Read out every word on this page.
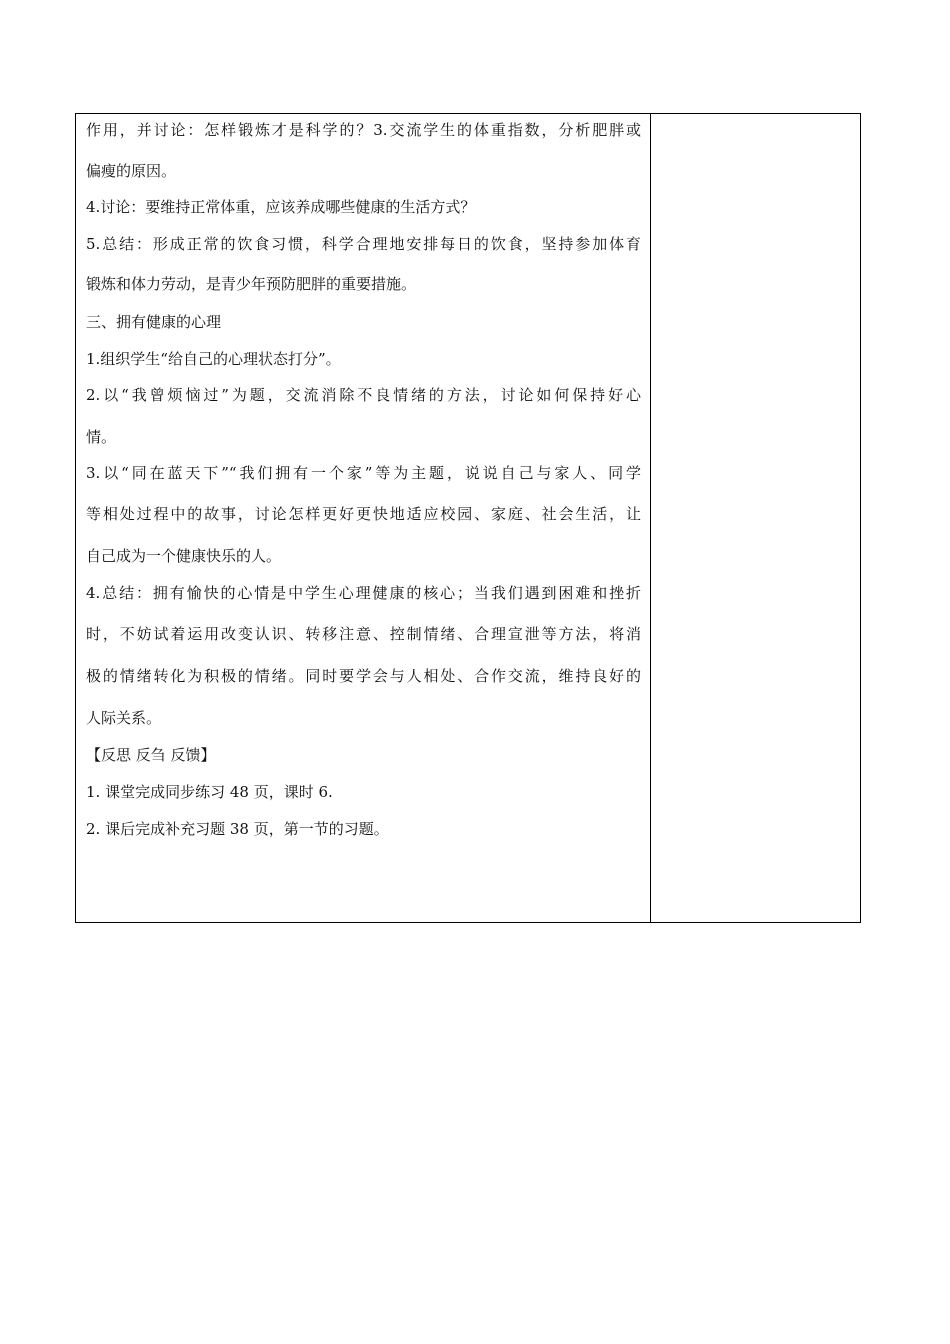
作用，并讨论：怎样锻炼才是科学的？3.交流学生的体重指数，分析肥胖或
偏瘦的原因。
4.讨论：要维持正常体重，应该养成哪些健康的生活方式？
5.总结：形成正常的饮食习惯，科学合理地安排每日的饮食，坚持参加体育
锻炼和体力劳动，是青少年预防肥胖的重要措施。
三、拥有健康的心理
1.组织学生“给自己的心理状态打分”。
2.以“我曾烦恼过”为题，交流消除不良情绪的方法，讨论如何保持好心
情。
3.以“同在蓝天下”“我们拥有一个家”等为主题，说说自己与家人、同学
等相处过程中的故事，讨论怎样更好更快地适应校园、家庭、社会生活，让
自己成为一个健康快乐的人。
4.总结：拥有愉快的心情是中学生心理健康的核心；当我们遇到困难和挫折
时，不妨试着运用改变认识、转移注意、控制情绪、合理宣泄等方法，将消
极的情绪转化为积极的情绪。同时要学会与人相处、合作交流，维持良好的
人际关系。
【反思 反刍 反馈】
1. 课堂完成同步练习 48 页，课时 6.
2. 课后完成补充习题 38 页，第一节的习题。
